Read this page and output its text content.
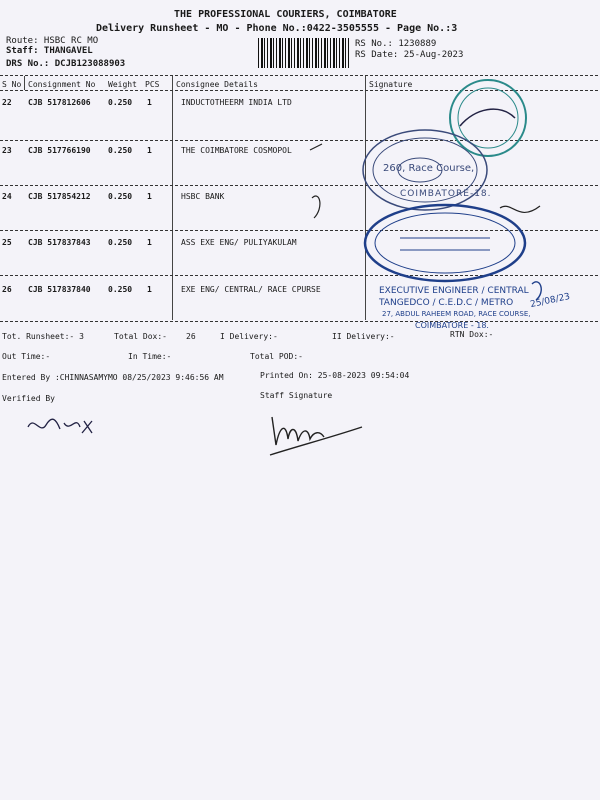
THE PROFESSIONAL COURIERS, COIMBATORE
Delivery Runsheet - MO - Phone No.:0422-3505555 - Page No.:3
Route: HSBC RC MO
Staff: THANGAVEL
DRS No.: DCJB123088903
RS No.: 1230889
RS Date: 25-Aug-2023
S No Consignment No Weight PCS Consignee Details	Signature
22 CJB 517812606 0.250 1	INDUCTOTHEERM INDIA LTD
23 CJB 517766190 0.250 1	THE COIMBATORE COSMOPOL
24 CJB 517854212 0.250 1	HSBC BANK
25 CJB 517837843 0.250 1	ASS EXE ENG/ PULIYAKULAM
26 CJB 517837840 0.250 1	EXE ENG/ CENTRAL/ RACE CPURSE
260, Race Course,
COIMBATORE-18.
EXECUTIVE ENGINEER / CENTRAL
TANGEDCO / C.E.D.C / METRO
27, ABDUL RAHEEM ROAD, RACE COURSE,
COIMBATORE - 18.
25/08/23
Tot. Runsheet:- 3	Total Dox:- 26	I Delivery:-	II Delivery:-	RTN Dox:-
Out Time:-	In Time:-	Total POD:-
Entered By :CHINNASAMYMO 08/25/2023 9:46:56 AM	Printed On: 25-08-2023 09:54:04
Verified By	Staff Signature
